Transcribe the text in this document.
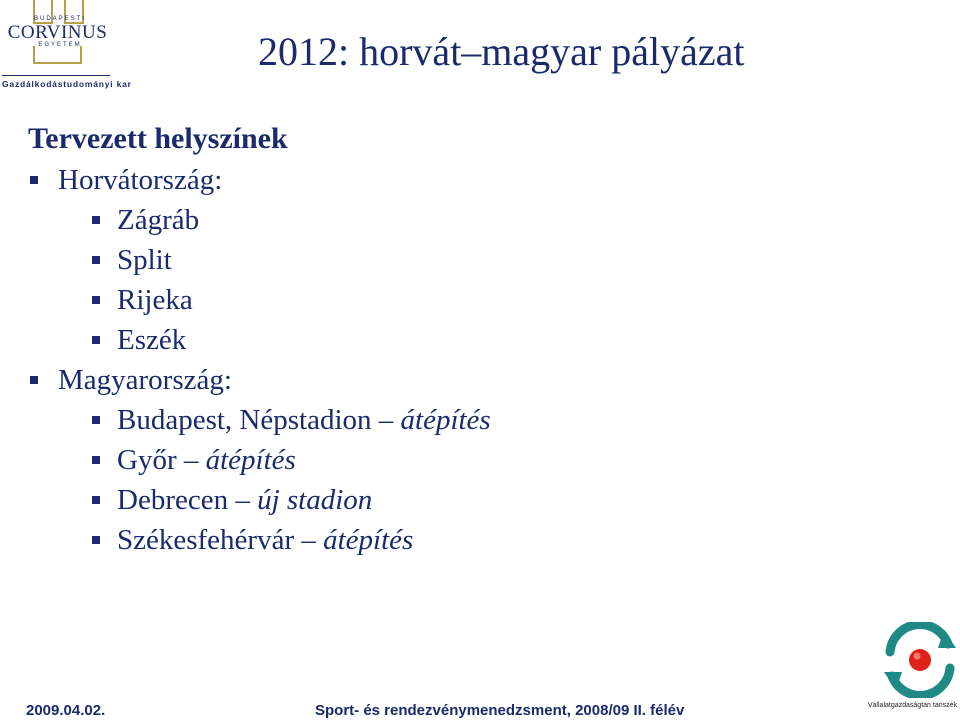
BUDAPESTI
CORVINUS
EGYETEM
Gazdálkodástudományi kar
2012: horvát–magyar pályázat
Tervezett helyszínek
Horvátország:
Zágráb
Split
Rijeka
Eszék
Magyarország:
Budapest, Népstadion – átépítés
Győr – átépítés
Debrecen – új stadion
Székesfehérvár – átépítés
Vállalatgazdaságtan tanszék
2009.04.02.	Sport- és rendezvénymenedzsment, 2008/09 II. félév
